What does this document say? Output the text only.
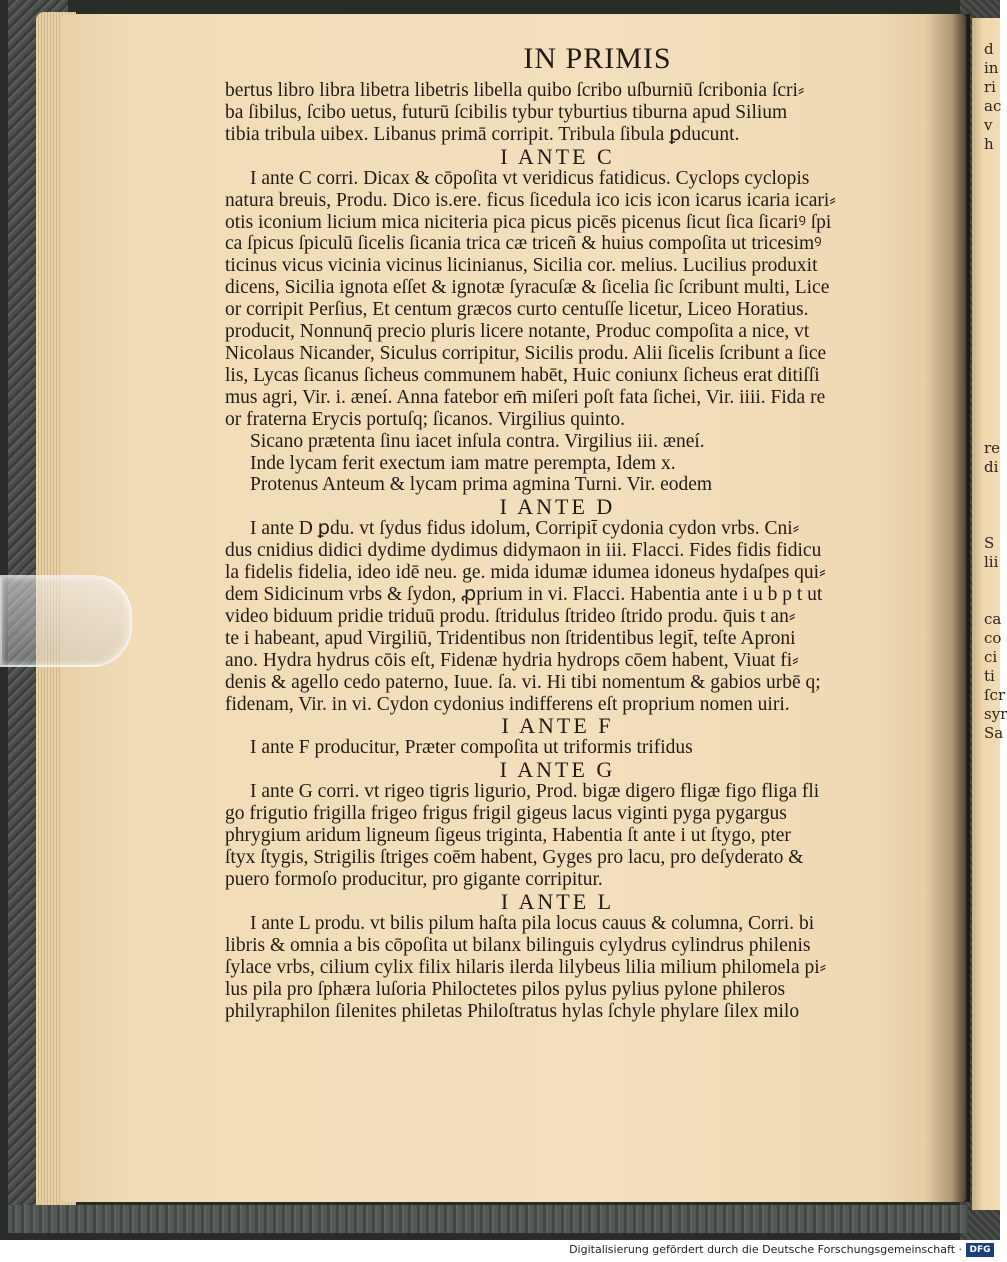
d
in
ri
ac
v
h

re
di

S
lii

ca
co
ci
ti
ſcr
syr
Sa
IN PRIMIS
bertus libro libra libetra libetris libella quibo ſcribo uſburniū ſcribonia ſcri⸗
ba ſibilus, ſcibo uetus, futurū ſcibilis tybur tyburtius tiburna apud Silium
tibia tribula uibex. Libanus primā corripit. Tribula ſibula ꝑducunt.
I ANTE C
I ante C corri. Dicax & cōpoſita vt veridicus fatidicus. Cyclops cyclopis
natura breuis, Produ. Dico is.ere. ficus ſicedula ico icis icon icarus icaria icari⸗
otis iconium licium mica niciteria pica picus picēs picenus ſicut ſica ſicariꝰ ſpi
ca ſpicus ſpiculū ſicelis ſicania trica cæ triceñ & huius compoſita ut tricesimꝰ
ticinus vicus vicinia vicinus licinianus, Sicilia cor. melius. Lucilius produxit
dicens, Sicilia ignota eſſet & ignotæ ſyracuſæ & ſicelia ſic ſcribunt multi, Lice
or corripit Perſius, Et centum græcos curto centuſſe licetur, Liceo Horatius.
producit, Nonnunq̄ precio pluris licere notante, Produc compoſita a nice, vt
Nicolaus Nicander, Siculus corripitur, Sicilis produ. Alii ſicelis ſcribunt a ſice
lis, Lycas ſicanus ſicheus communem habēt, Huic coniunx ſicheus erat ditiſſi
mus agri, Vir. i. æneí. Anna fatebor em̄ miſeri poſt fata ſichei, Vir. iiii. Fida re
or fraterna Erycis portuſq; ſicanos. Virgilius quinto.
Sicano prætenta ſinu iacet inſula contra. Virgilius iii. æneí.
Inde lycam ferit exectum iam matre perempta, Idem x.
Protenus Anteum & lycam prima agmina Turni. Vir. eodem
I ANTE D
I ante D ꝑdu. vt ſydus fidus idolum, Corripit̄ cydonia cydon vrbs. Cni⸗
dus cnidius didici dydime dydimus didymaon in iii. Flacci. Fides fidis fidicu
la fidelis fidelia, ideo idē neu. ge. mida idumæ idumea idoneus hydaſpes qui⸗
dem Sidicinum vrbs & ſydon, ꝓprium in vi. Flacci. Habentia ante i u b p t ut
video biduum pridie triduū produ. ſtridulus ſtrideo ſtrido produ. q̄uis t an⸗
te i habeant, apud Virgiliū, Tridentibus non ſtridentibus legit̄, teſte Aproni
ano. Hydra hydrus cōis eſt, Fidenæ hydria hydrops cōem habent, Viuat fi⸗
denis & agello cedo paterno, Iuue. ſa. vi. Hi tibi nomentum & gabios urbē q;
fidenam, Vir. in vi. Cydon cydonius indifferens eſt proprium nomen uiri.
I ANTE F
I ante F producitur, Præter compoſita ut triformis trifidus
I ANTE G
I ante G corri. vt rigeo tigris ligurio, Prod. bigæ digero fligæ figo fliga fli
go frigutio frigilla frigeo frigus frigil gigeus lacus viginti pyga pygargus
phrygium aridum ligneum ſigeus triginta, Habentia ſt ante i ut ſtygo, pter
ſtyx ſtygis, Strigilis ſtriges coēm habent, Gyges pro lacu, pro deſyderato &
puero formoſo producitur, pro gigante corripitur.
I ANTE L
I ante L produ. vt bilis pilum haſta pila locus cauus & columna, Corri. bi
libris & omnia a bis cōpoſita ut bilanx bilinguis cylydrus cylindrus philenis
ſylace vrbs, cilium cylix filix hilaris ilerda lilybeus lilia milium philomela pi⸗
lus pila pro ſphæra luſoria Philoctetes pilos pylus pylius pylone phileros
philyraphilon ſilenites philetas Philoſtratus hylas ſchyle phylare ſilex milo
Digitalisierung gefördert durch die Deutsche Forschungsgemeinschaft · DFG
